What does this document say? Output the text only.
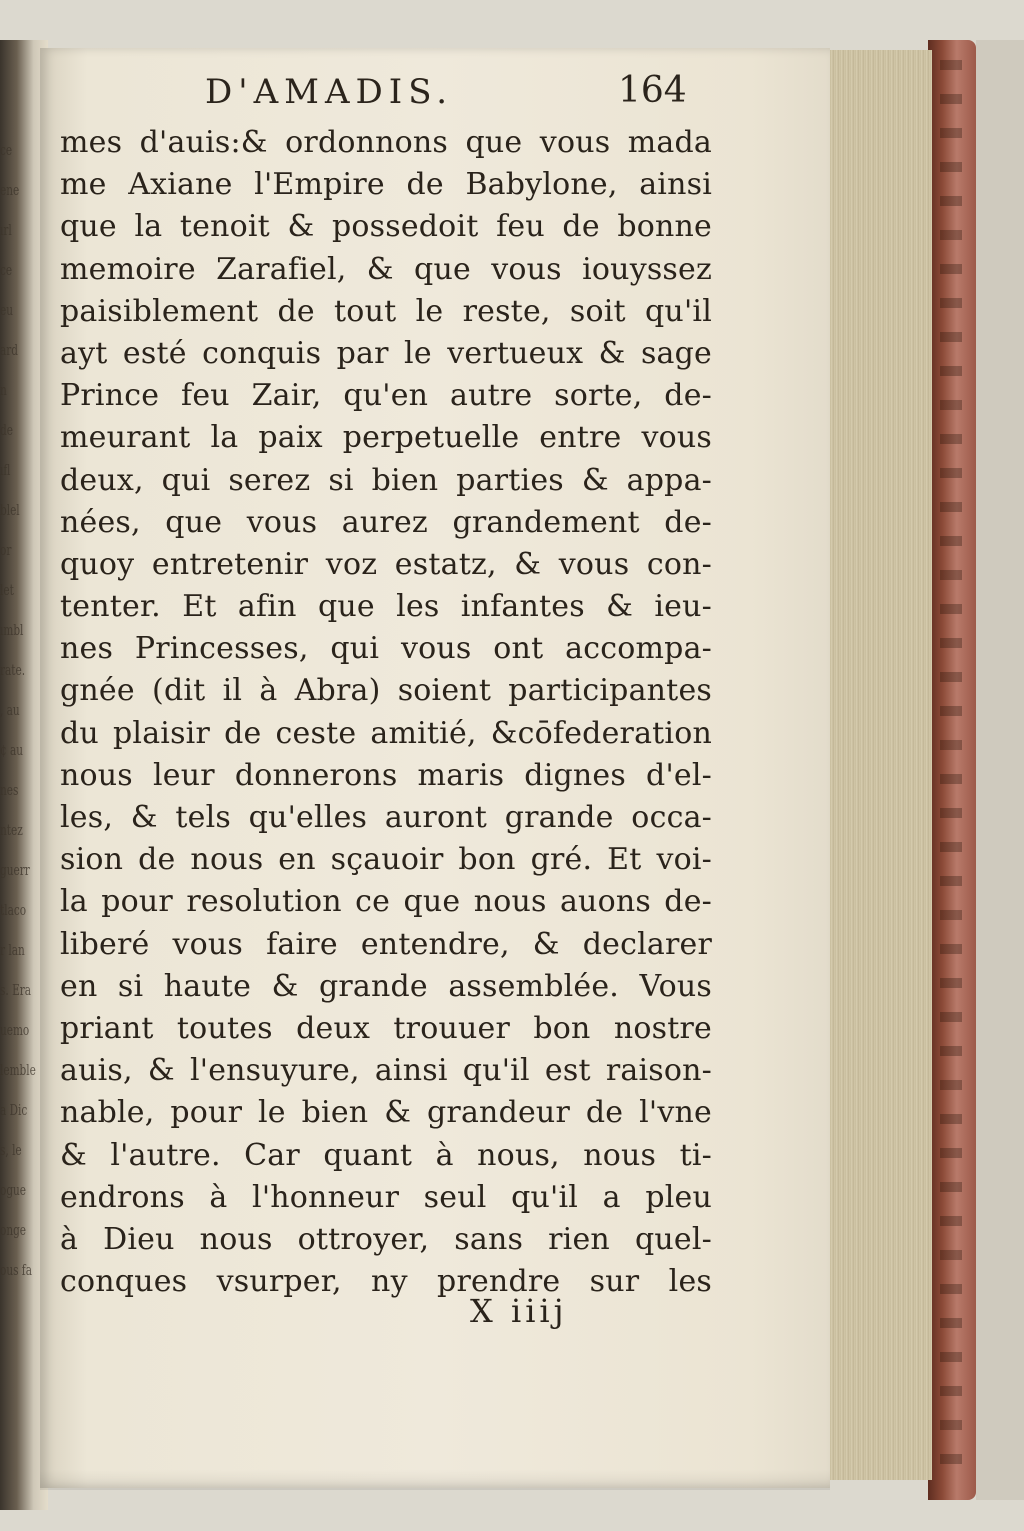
ce
ene
ırl
ce
eu
ard
n
de
ıfl
blel
or
let
ımbl
rate.
, au
¢ au
nes
ntez
guerr
tlaco
r lan
s. Era
uemo
lemble
a Dic
s, le
ogue
onge
ous fa
D'AMADIS.	164
mes d'auis:& ordonnons que vous mada
me Axiane l'Empire de Babylone, ainsi
que la tenoit & possedoit feu de bonne
memoire Zarafiel, & que vous iouyssez
paisiblement de tout le reste, soit qu'il
ayt esté conquis par le vertueux & sage
Prince feu Zair, qu'en autre sorte, de-
meurant la paix perpetuelle entre vous
deux, qui serez si bien parties & appa-
nées, que vous aurez grandement de-
quoy entretenir voz estatz, & vous con-
tenter. Et afin que les infantes & ieu-
nes Princesses, qui vous ont accompa-
gnée (dit il à Abra) soient participantes
du plaisir de ceste amitié, &cōfederation
nous leur donnerons maris dignes d'el-
les, & tels qu'elles auront grande occa-
sion de nous en sçauoir bon gré. Et voi-
la pour resolution ce que nous auons de-
liberé vous faire entendre, & declarer
en si haute & grande assemblée. Vous
priant toutes deux trouuer bon nostre
auis, & l'ensuyure, ainsi qu'il est raison-
nable, pour le bien & grandeur de l'vne
& l'autre. Car quant à nous, nous ti-
endrons à l'honneur seul qu'il a pleu
à Dieu nous ottroyer, sans rien quel-
conques vsurper, ny prendre sur les
X iiij
